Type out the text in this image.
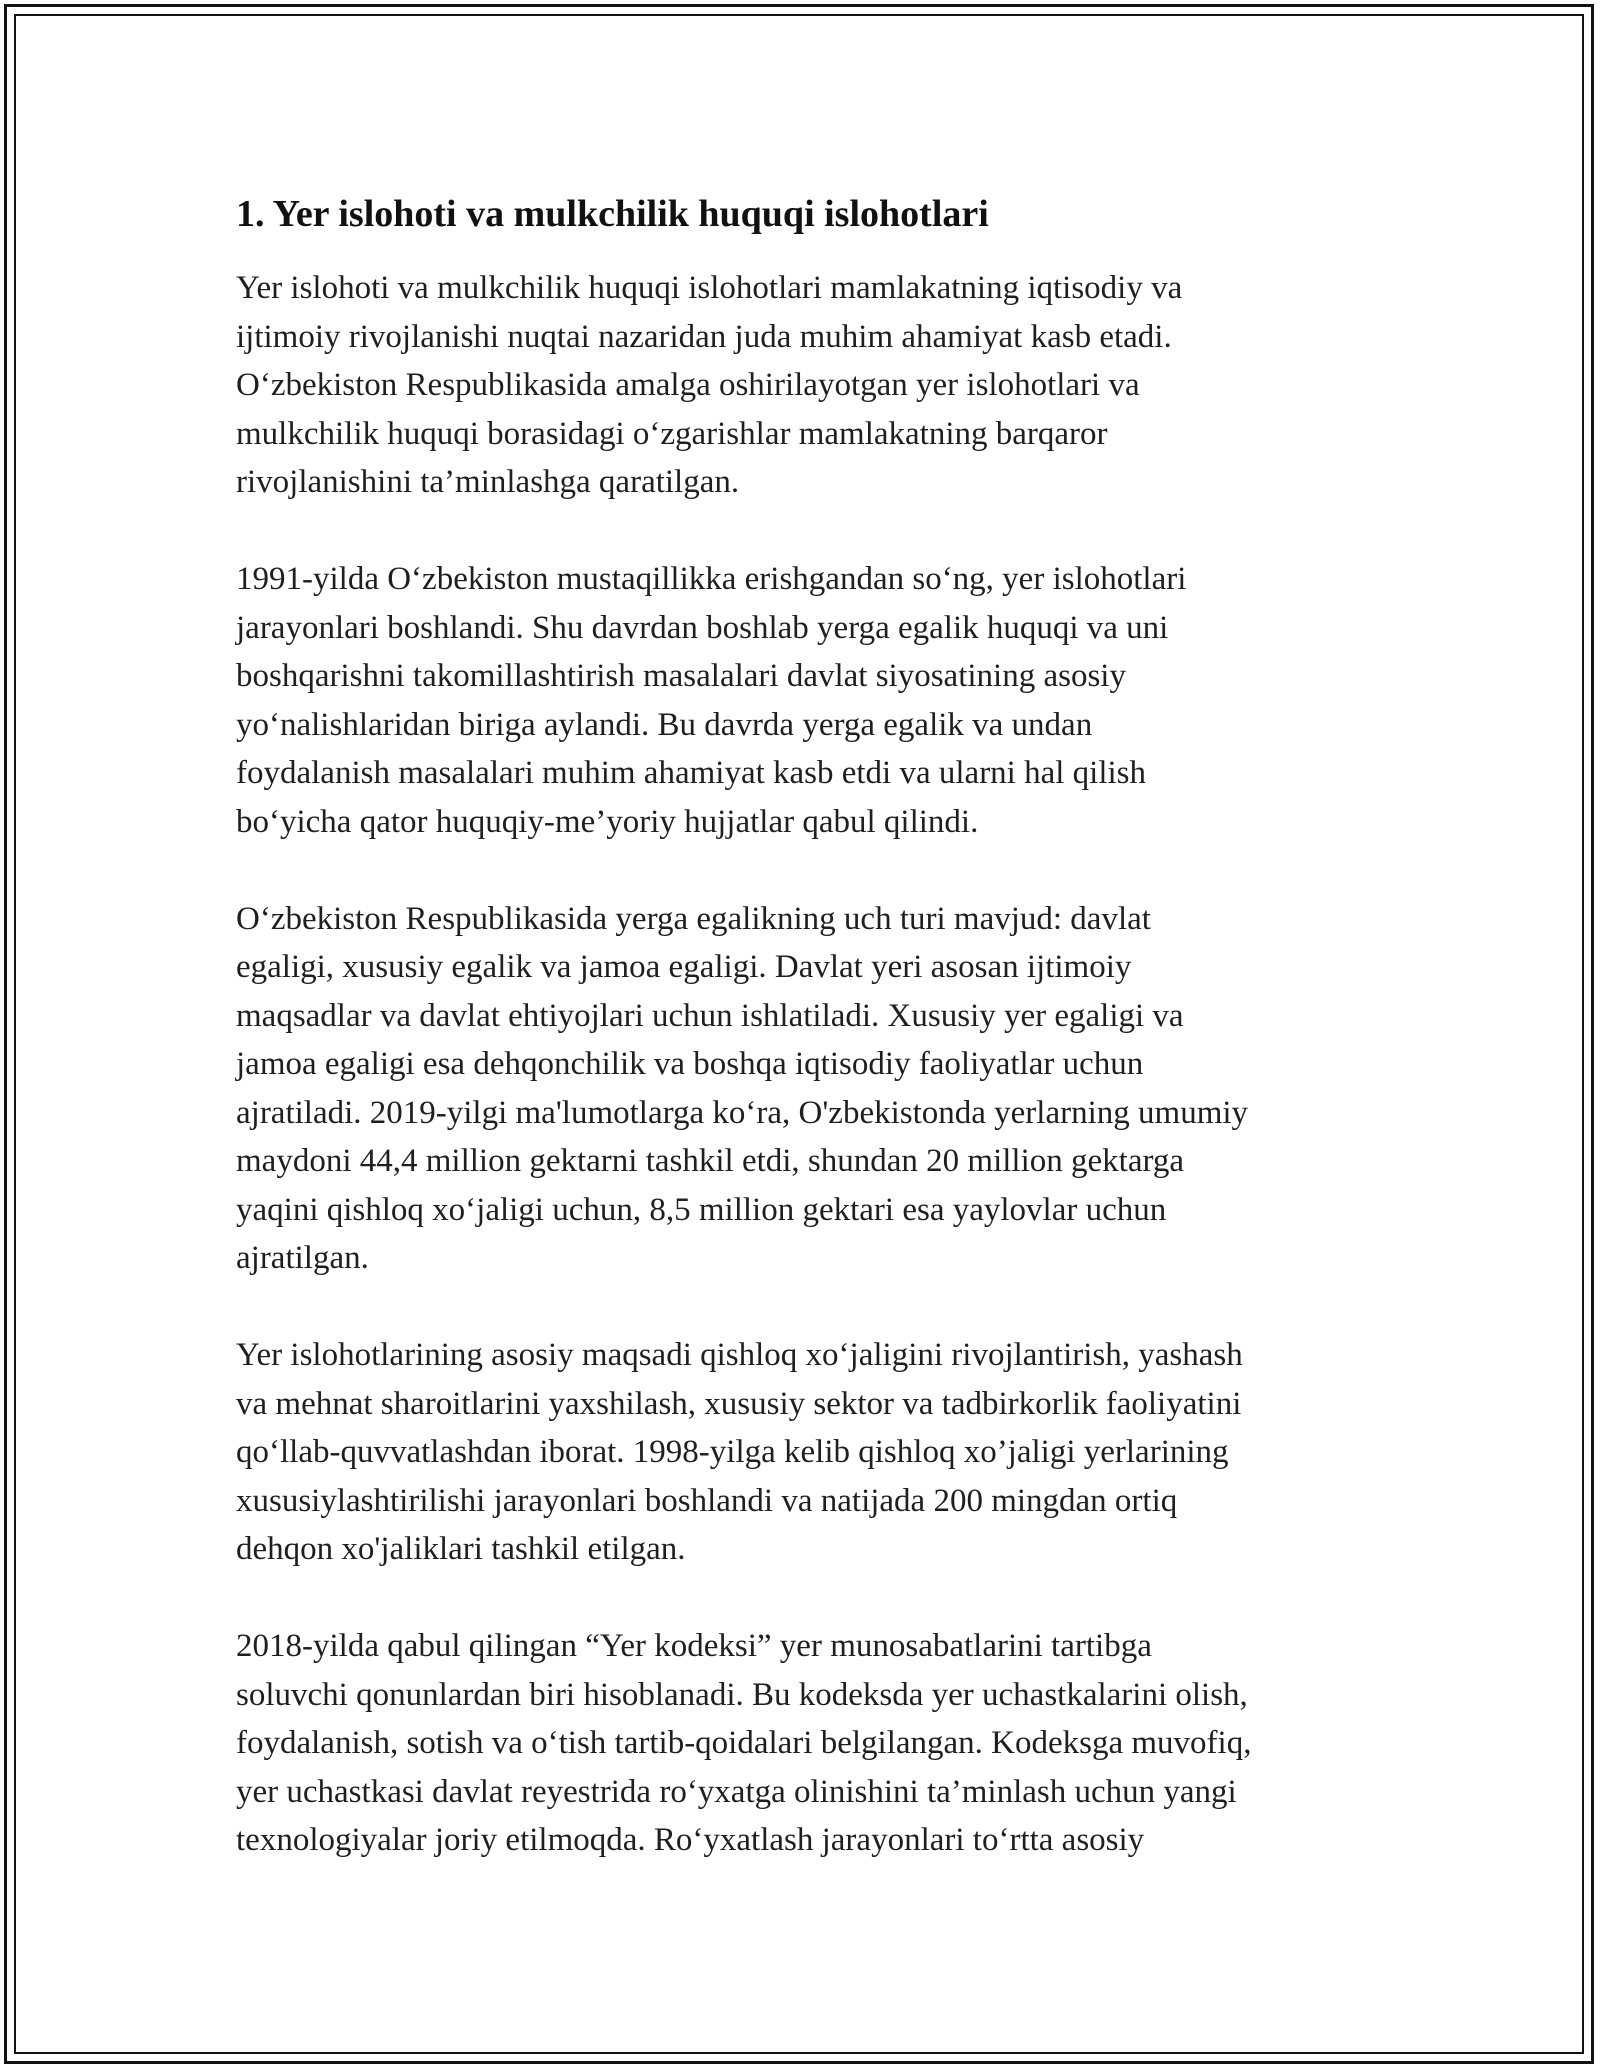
1. Yer islohoti va mulkchilik huquqi islohotlari

Yer islohoti va mulkchilik huquqi islohotlari mamlakatning iqtisodiy va
ijtimoiy rivojlanishi nuqtai nazaridan juda muhim ahamiyat kasb etadi.
O‘zbekiston Respublikasida amalga oshirilayotgan yer islohotlari va
mulkchilik huquqi borasidagi o‘zgarishlar mamlakatning barqaror
rivojlanishini ta’minlashga qaratilgan.

1991-yilda O‘zbekiston mustaqillikka erishgandan so‘ng, yer islohotlari
jarayonlari boshlandi. Shu davrdan boshlab yerga egalik huquqi va uni
boshqarishni takomillashtirish masalalari davlat siyosatining asosiy
yo‘nalishlaridan biriga aylandi. Bu davrda yerga egalik va undan
foydalanish masalalari muhim ahamiyat kasb etdi va ularni hal qilish
bo‘yicha qator huquqiy-me’yoriy hujjatlar qabul qilindi.

O‘zbekiston Respublikasida yerga egalikning uch turi mavjud: davlat
egaligi, xususiy egalik va jamoa egaligi. Davlat yeri asosan ijtimoiy
maqsadlar va davlat ehtiyojlari uchun ishlatiladi. Xususiy yer egaligi va
jamoa egaligi esa dehqonchilik va boshqa iqtisodiy faoliyatlar uchun
ajratiladi. 2019-yilgi ma'lumotlarga ko‘ra, O'zbekistonda yerlarning umumiy
maydoni 44,4 million gektarni tashkil etdi, shundan 20 million gektarga
yaqini qishloq xo‘jaligi uchun, 8,5 million gektari esa yaylovlar uchun
ajratilgan.

Yer islohotlarining asosiy maqsadi qishloq xo‘jaligini rivojlantirish, yashash
va mehnat sharoitlarini yaxshilash, xususiy sektor va tadbirkorlik faoliyatini
qo‘llab-quvvatlashdan iborat. 1998-yilga kelib qishloq xo’jaligi yerlarining
xususiylashtirilishi jarayonlari boshlandi va natijada 200 mingdan ortiq
dehqon xo'jaliklari tashkil etilgan.

2018-yilda qabul qilingan “Yer kodeksi” yer munosabatlarini tartibga
soluvchi qonunlardan biri hisoblanadi. Bu kodeksda yer uchastkalarini olish,
foydalanish, sotish va o‘tish tartib-qoidalari belgilangan. Kodeksga muvofiq,
yer uchastkasi davlat reyestrida ro‘yxatga olinishini ta’minlash uchun yangi
texnologiyalar joriy etilmoqda. Ro‘yxatlash jarayonlari to‘rtta asosiy
